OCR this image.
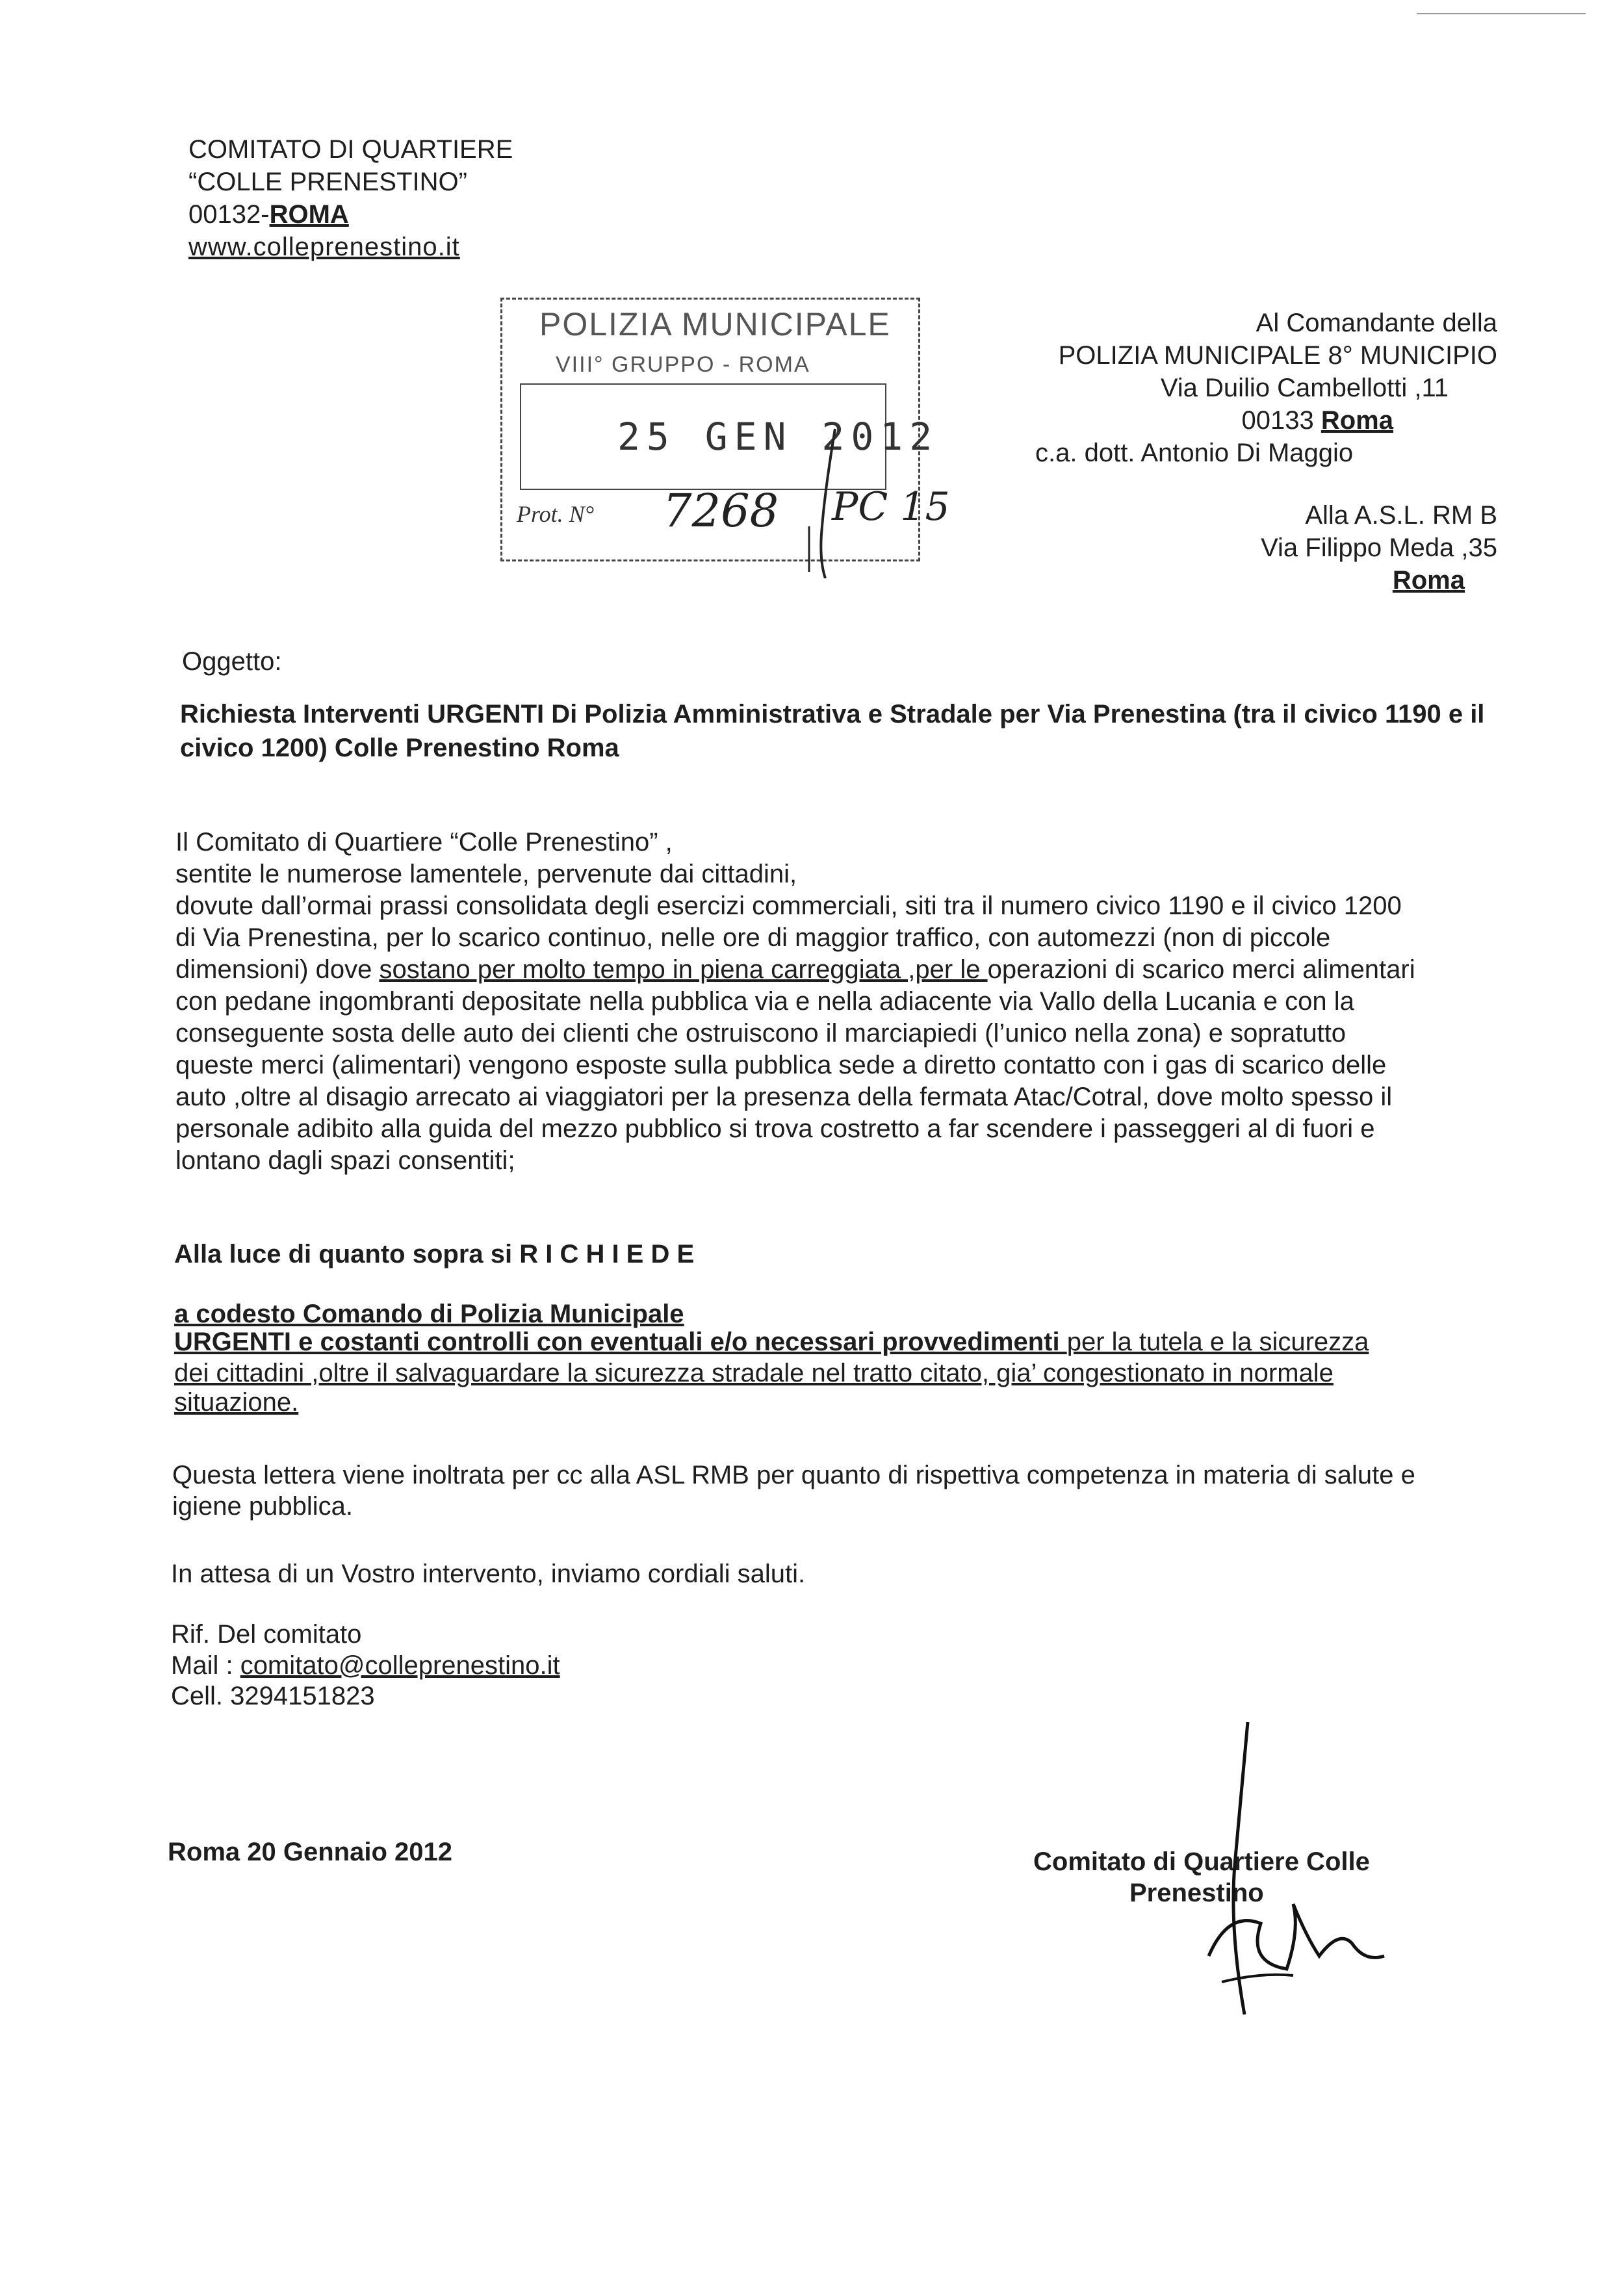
COMITATO DI QUARTIERE
“COLLE PRENESTINO”
00132-ROMA
www.colleprenestino.it
POLIZIA MUNICIPALE
VIII° GRUPPO - ROMA
25 GEN 2012
Prot. N° 7268 PC 15
Al Comandante della
POLIZIA MUNICIPALE 8° MUNICIPIO
Via Duilio Cambellotti ,11
00133 Roma
c.a. dott. Antonio Di Maggio
Alla A.S.L. RM B
Via Filippo Meda ,35
Roma
Oggetto:
Richiesta Interventi URGENTI Di Polizia Amministrativa e Stradale per Via Prenestina (tra il civico 1190 e il civico 1200) Colle Prenestino Roma
Il Comitato di Quartiere “Colle Prenestino” ,
sentite le numerose lamentele, pervenute dai cittadini,
dovute dall’ormai prassi consolidata degli esercizi commerciali, siti tra il numero civico 1190 e il civico 1200
di Via Prenestina, per lo scarico continuo, nelle ore di maggior traffico, con automezzi (non di piccole
dimensioni) dove sostano per molto tempo in piena carreggiata ,per le operazioni di scarico merci alimentari
con pedane ingombranti depositate nella pubblica via e nella adiacente via Vallo della Lucania e con la
conseguente sosta delle auto dei clienti che ostruiscono il marciapiedi (l’unico nella zona) e sopratutto
queste merci (alimentari) vengono esposte sulla pubblica sede a diretto contatto con i gas di scarico delle
auto ,oltre al disagio arrecato ai viaggiatori per la presenza della fermata Atac/Cotral, dove molto spesso il
personale adibito alla guida del mezzo pubblico si trova costretto a far scendere i passeggeri al di fuori e
lontano dagli spazi consentiti;
Alla luce di quanto sopra si R I C H I E D E
a codesto Comando di Polizia Municipale
URGENTI e costanti controlli con eventuali e/o necessari provvedimenti per la tutela e la sicurezza
dei cittadini ,oltre il salvaguardare la sicurezza stradale nel tratto citato, gia’ congestionato in normale
situazione.
Questa lettera viene inoltrata per cc alla ASL RMB per quanto di rispettiva competenza in materia di salute e
igiene pubblica.
In attesa di un Vostro intervento, inviamo cordiali saluti.
Rif. Del comitato
Mail : comitato@colleprenestino.it
Cell. 3294151823
Roma 20 Gennaio 2012	Comitato di Quartiere Colle
Prenestino
